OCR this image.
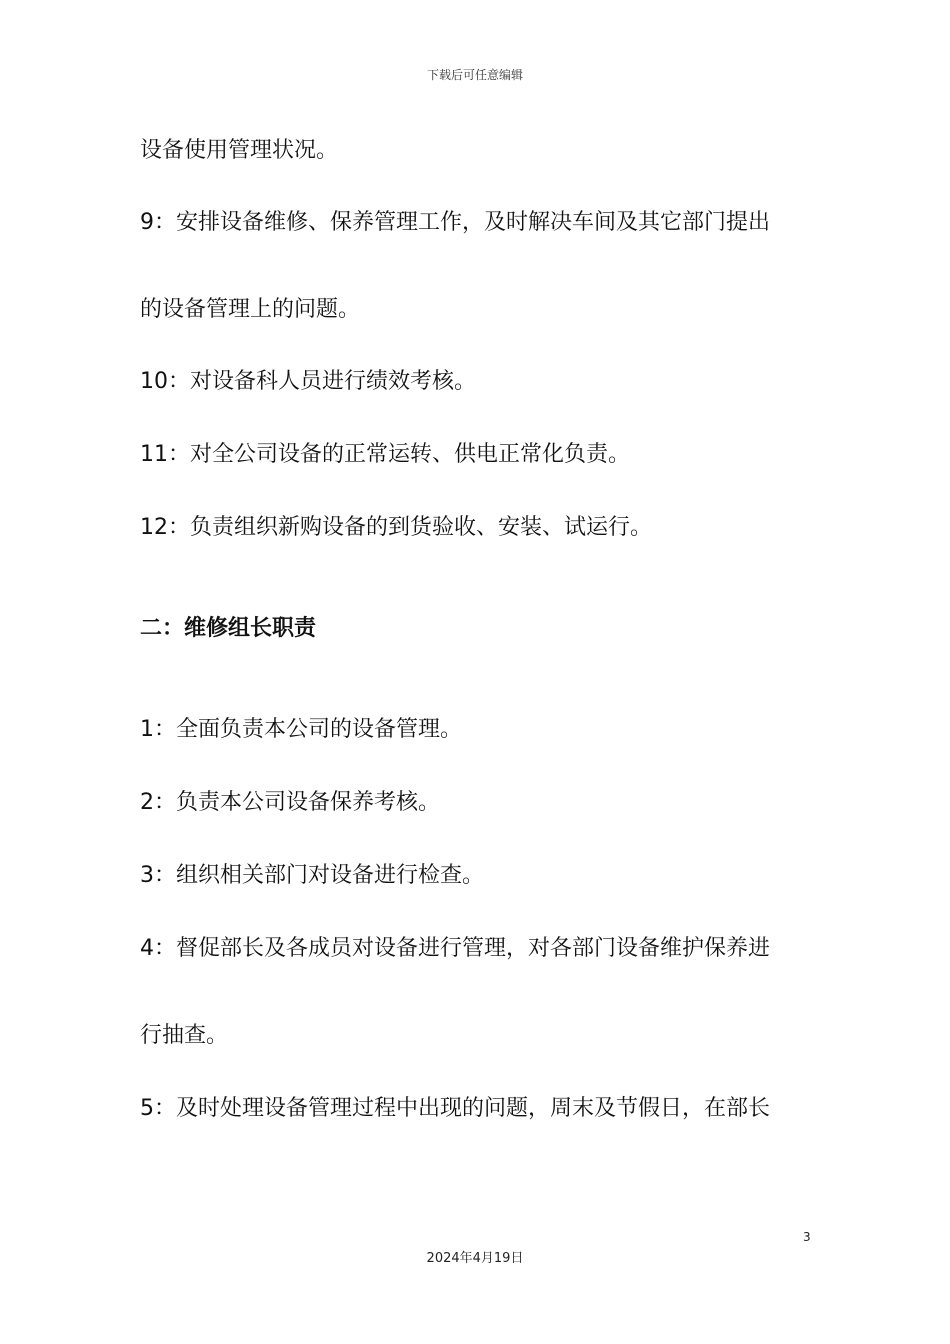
下载后可任意编辑
设备使用管理状况。
9：安排设备维修、保养管理工作，及时解决车间及其它部门提出
的设备管理上的问题。
10：对设备科人员进行绩效考核。
11：对全公司设备的正常运转、供电正常化负责。
12：负责组织新购设备的到货验收、安装、试运行。
二：维修组长职责
1：全面负责本公司的设备管理。
2：负责本公司设备保养考核。
3：组织相关部门对设备进行检查。
4：督促部长及各成员对设备进行管理，对各部门设备维护保养进
行抽查。
5：及时处理设备管理过程中出现的问题，周末及节假日，在部长
3
2024年4月19日
